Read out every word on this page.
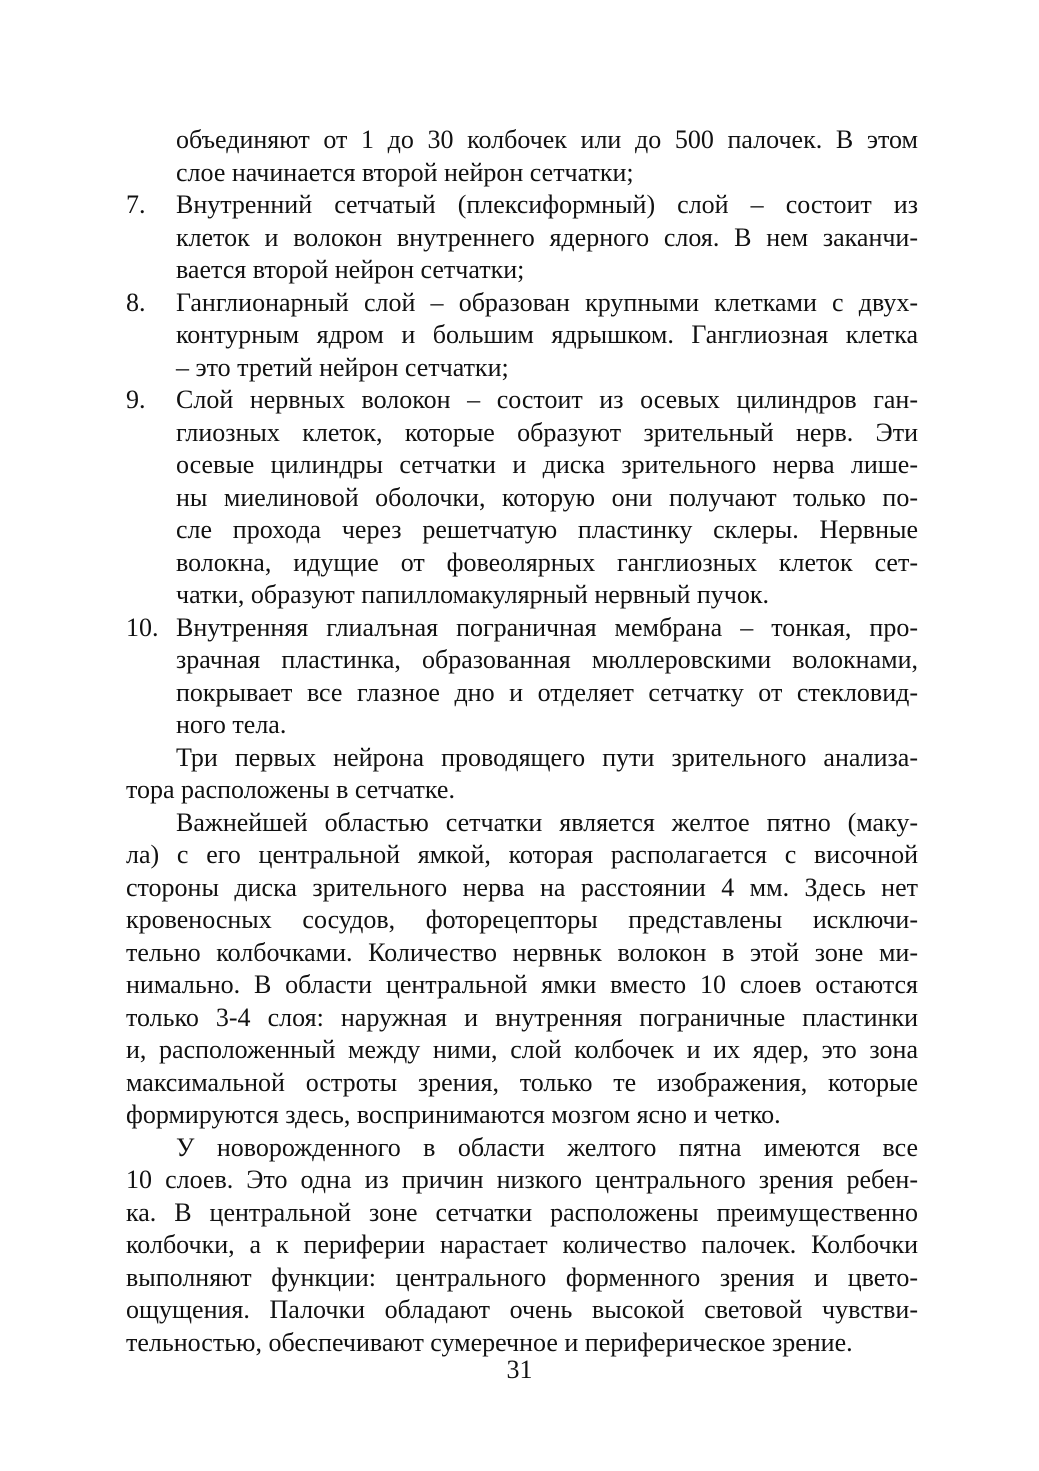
объединяют от 1 до 30 колбочек или до 500 палочек. В этом
слое начинается второй нейрон сетчатки;
7. Внутренний сетчатый (плексиформный) слой – состоит из
клеток и волокон внутреннего ядерного слоя. В нем заканчи-
вается второй нейрон сетчатки;
8. Ганглионарный слой – образован крупными клетками с двух-
контурным ядром и большим ядрышком. Ганглиозная клетка
– это третий нейрон сетчатки;
9. Слой нервных волокон – состоит из осевых цилиндров ган-
глиозных клеток, которые образуют зрительный нерв. Эти
осевые цилиндры сетчатки и диска зрительного нерва лише-
ны миелиновой оболочки, которую они получают только по-
сле прохода через решетчатую пластинку склеры. Нервные
волокна, идущие от фовеолярных ганглиозных клеток сет-
чатки, образуют папилломакулярный нервный пучок.
10. Внутренняя глиалъная пограничная мембрана – тонкая, про-
зрачная пластинка, образованная мюллеровскими волокнами,
покрывает все глазное дно и отделяет сетчатку от стекловид-
ного тела.
Три первых нейрона проводящего пути зрительного анализа-
тора расположены в сетчатке.
Важнейшей областью сетчатки является желтое пятно (маку-
ла) с его центральной ямкой, которая располагается с височной
стороны диска зрительного нерва на расстоянии 4 мм. Здесь нет
кровеносных сосудов, фоторецепторы представлены исключи-
тельно колбочками. Количество нервньк волокон в этой зоне ми-
нимально. В области центральной ямки вместо 10 слоев остаются
только 3-4 слоя: наружная и внутренняя пограничные пластинки
и, расположенный между ними, слой колбочек и их ядер, это зона
максимальной остроты зрения, только те изображения, которые
формируются здесь, воспринимаются мозгом ясно и четко.
У новорожденного в области желтого пятна имеются все
10 слоев. Это одна из причин низкого центрального зрения ребен-
ка. В центральной зоне сетчатки расположены преимущественно
колбочки, а к периферии нарастает количество палочек. Колбочки
выполняют функции: центрального форменного зрения и цвето-
ощущения. Палочки обладают очень высокой световой чувстви-
тельностью, обеспечивают сумеречное и периферическое зрение.
31
